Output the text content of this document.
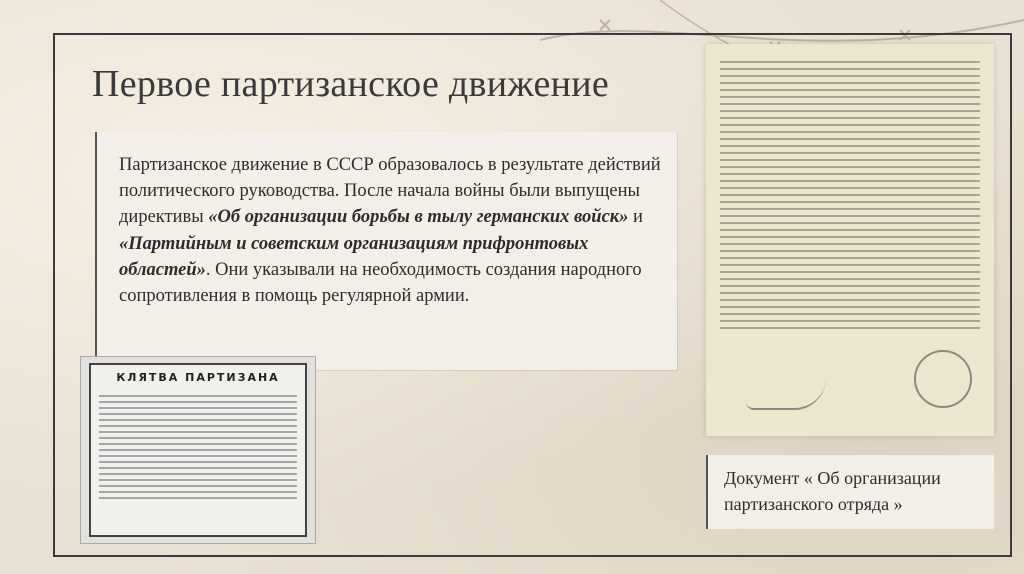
Первое партизанское движение

Партизанское движение в СССР образовалось в результате действий политического руководства. После начала войны были выпущены директивы «Об организации борьбы в тылу германских войск» и «Партийным и советским организациям прифронтовых областей». Они указывали на необходимость создания народного сопротивления в помощь регулярной армии.

КЛЯТВА ПАРТИЗАНА
Документ « Об организации партизанского отряда »
